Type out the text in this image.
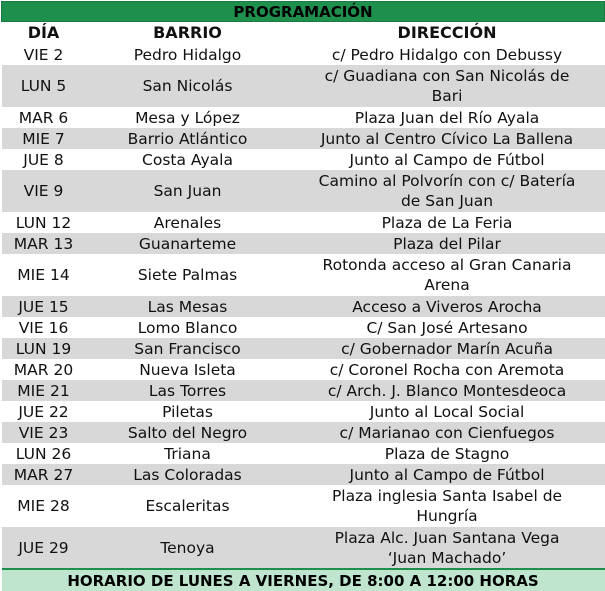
PROGRAMACIÓN		
DÍA	BARRIO	DIRECCIÓN
VIE 2	Pedro Hidalgo	c/ Pedro Hidalgo con Debussy

LUN 5	San Nicolás	c/ Guadiana con San Nicolás de
Bari

MAR 6	Mesa y López	Plaza Juan del Río Ayala

MIE 7	Barrio Atlántico	Junto al Centro Cívico La Ballena

JUE 8	Costa Ayala	Junto al Campo de Fútbol

VIE 9	San Juan	Camino al Polvorín con c/ Batería
de San Juan

LUN 12	Arenales	Plaza de La Feria

MAR 13	Guanarteme	Plaza del Pilar

MIE 14	Siete Palmas	Rotonda acceso al Gran Canaria
Arena

JUE 15	Las Mesas	Acceso a Viveros Arocha

VIE 16	Lomo Blanco	C/ San José Artesano

LUN 19	San Francisco	c/ Gobernador Marín Acuña

MAR 20	Nueva Isleta	c/ Coronel Rocha con Aremota

MIE 21	Las Torres	c/ Arch. J. Blanco Montesdeoca

JUE 22	Piletas	Junto al Local Social

VIE 23	Salto del Negro	c/ Marianao con Cienfuegos

LUN 26	Triana	Plaza de Stagno

MAR 27	Las Coloradas	Junto al Campo de Fútbol

MIE 28	Escaleritas	Plaza inglesia Santa Isabel de
Hungría

JUE 29	Tenoya	Plaza Alc. Juan Santana Vega
‘Juan Machado’

HORARIO DE LUNES A VIERNES, DE 8:00 A 12:00 HORAS		
